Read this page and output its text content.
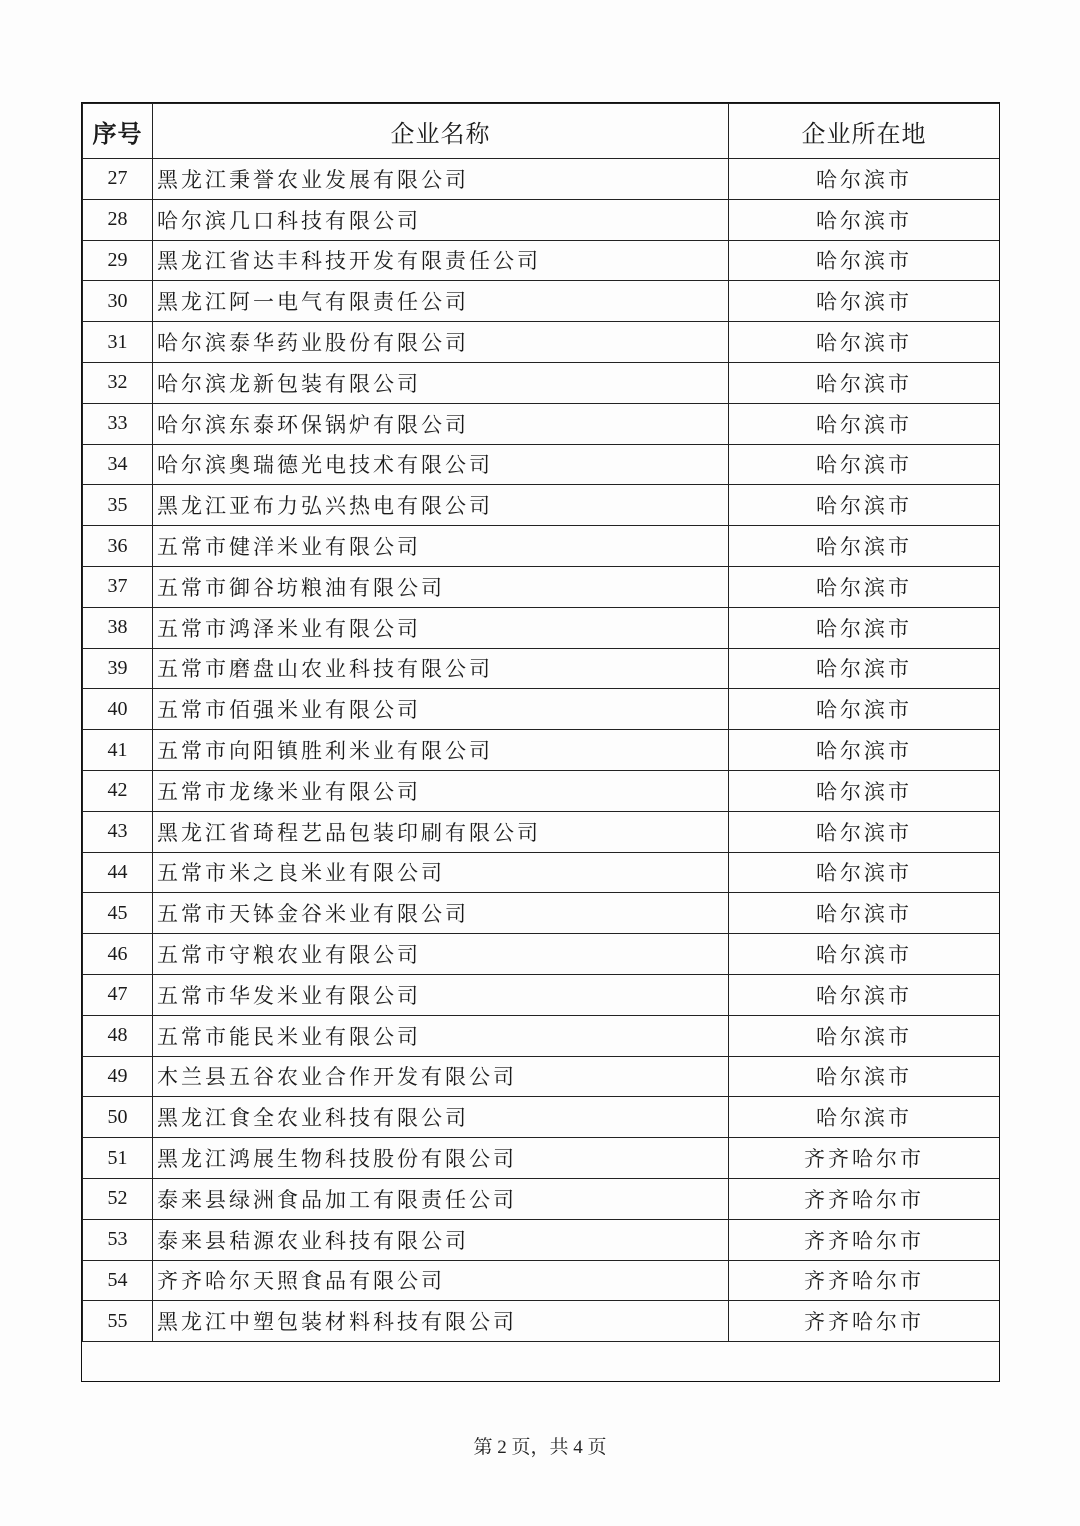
序号	企业名称	企业所在地
27	黑龙江秉誉农业发展有限公司	哈尔滨市
28	哈尔滨几口科技有限公司	哈尔滨市
29	黑龙江省达丰科技开发有限责任公司	哈尔滨市
30	黑龙江阿一电气有限责任公司	哈尔滨市
31	哈尔滨泰华药业股份有限公司	哈尔滨市
32	哈尔滨龙新包装有限公司	哈尔滨市
33	哈尔滨东泰环保锅炉有限公司	哈尔滨市
34	哈尔滨奥瑞德光电技术有限公司	哈尔滨市
35	黑龙江亚布力弘兴热电有限公司	哈尔滨市
36	五常市健洋米业有限公司	哈尔滨市
37	五常市御谷坊粮油有限公司	哈尔滨市
38	五常市鸿泽米业有限公司	哈尔滨市
39	五常市磨盘山农业科技有限公司	哈尔滨市
40	五常市佰强米业有限公司	哈尔滨市
41	五常市向阳镇胜利米业有限公司	哈尔滨市
42	五常市龙缘米业有限公司	哈尔滨市
43	黑龙江省琦程艺品包装印刷有限公司	哈尔滨市
44	五常市米之良米业有限公司	哈尔滨市
45	五常市天钵金谷米业有限公司	哈尔滨市
46	五常市守粮农业有限公司	哈尔滨市
47	五常市华发米业有限公司	哈尔滨市
48	五常市能民米业有限公司	哈尔滨市
49	木兰县五谷农业合作开发有限公司	哈尔滨市
50	黑龙江食全农业科技有限公司	哈尔滨市
51	黑龙江鸿展生物科技股份有限公司	齐齐哈尔市
52	泰来县绿洲食品加工有限责任公司	齐齐哈尔市
53	泰来县秸源农业科技有限公司	齐齐哈尔市
54	齐齐哈尔天照食品有限公司	齐齐哈尔市
55	黑龙江中塑包装材料科技有限公司	齐齐哈尔市
第 2 页，共 4 页
